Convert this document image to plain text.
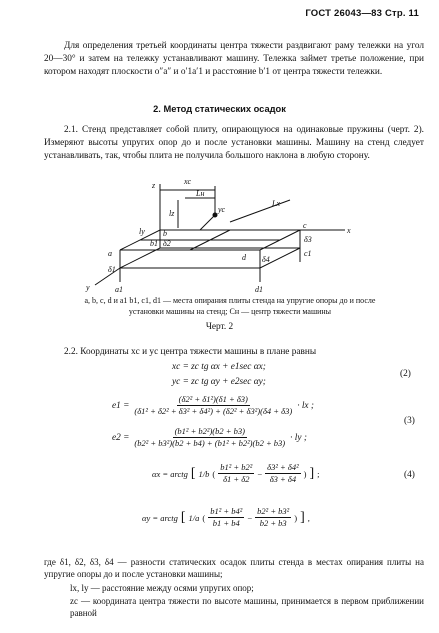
ГОСТ 26043—83 Стр. 11

Для определения третьей координаты центра тяжести раздвигают раму тележки на угол 20—30° и затем на тележку устанавливают машину. Тележка займет третье положение, при котором находят плоскости o″a″ и o′1a′1 и расстояние b′1 от центра тяжести тележки.

2. Метод статических осадок

2.1. Стенд представляет собой плиту, опирающуюся на одинаковые пружины (черт. 2). Измеряют высоты упругих опор до и после установки машины. Машину на стенд следует устанавливать, так, чтобы плита не получила большого наклона в любую сторону.

z	xc
Lн
yc
lz
Lx
b
δ2
ly
b1
c
x
δ3
c1
a	d δ4
δ1
y	a1	d1

a, b, c, d и a1 b1, c1, d1 — места опирания плиты стенда на упругие опоры до и после установки машины на стенд; Cн — центр тяжести машины

Черт. 2

2.2. Координаты xc и yc центра тяжести машины в плане равны

xc = zc tg αx + e1sec αx;
yc = zc tg αy + e2sec αy;
(2)
$e1 = \frac{\text{(δ2² + δ1²)(δ1 + δ3)}}{\text{(δ1² + δ2² + δ3² + δ4²) + (δ2² + δ3²)(δ4 + δ3)}}$ · lx ;
$e2 = \frac{\text{(b1² + b2²)(b2 + b3)}}{\text{(b2² + b3²)(b2 + b4) + (b1² + b2²)(b2 + b3)}}$ · ly ;
(3)
αx = arctg [ 1/b ( $\frac{\text{b1² + b2²}}{\delta 1 + \delta 2} - \frac{\text{δ3² + δ4²}}{\delta 3 + \delta 4}$ ) ] ;	(4)
αy = arctg [ 1/a ( $\frac{\text{b1² + b4²}}{b1 + b4} - \frac{\text{b2² + b3²}}{b2 + b3}$ ) ] ,

где δ1, δ2, δ3, δ4 — разности статических осадок плиты стенда в местах опирания плиты на упругие опоры до и после установки машины;

lx, ly — расстояние между осями упругих опор;

zc — координата центра тяжести по высоте машины, принимается в первом приближении равной
